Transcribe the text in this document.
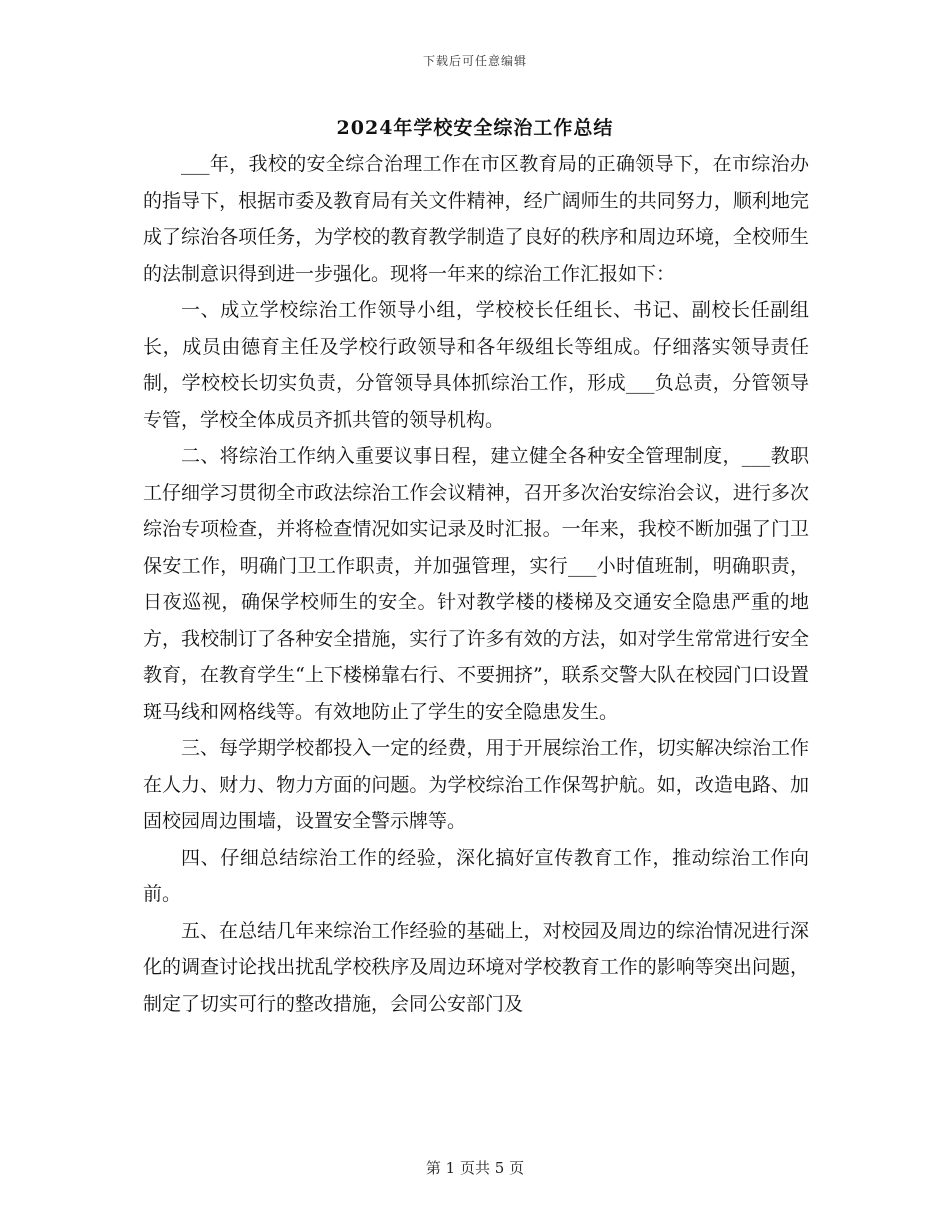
下载后可任意编辑
2024年学校安全综治工作总结

___年，我校的安全综合治理工作在市区教育局的正确领导下，在市综治办的指导下，根据市委及教育局有关文件精神，经广阔师生的共同努力，顺利地完成了综治各项任务，为学校的教育教学制造了良好的秩序和周边环境，全校师生的法制意识得到进一步强化。现将一年来的综治工作汇报如下：

一、成立学校综治工作领导小组，学校校长任组长、书记、副校长任副组长，成员由德育主任及学校行政领导和各年级组长等组成。仔细落实领导责任制，学校校长切实负责，分管领导具体抓综治工作，形成___负总责，分管领导专管，学校全体成员齐抓共管的领导机构。

二、将综治工作纳入重要议事日程，建立健全各种安全管理制度，___教职工仔细学习贯彻全市政法综治工作会议精神，召开多次治安综治会议，进行多次综治专项检查，并将检查情况如实记录及时汇报。一年来，我校不断加强了门卫保安工作，明确门卫工作职责，并加强管理，实行___小时值班制，明确职责，日夜巡视，确保学校师生的安全。针对教学楼的楼梯及交通安全隐患严重的地方，我校制订了各种安全措施，实行了许多有效的方法，如对学生常常进行安全教育，在教育学生“上下楼梯靠右行、不要拥挤”，联系交警大队在校园门口设置斑马线和网格线等。有效地防止了学生的安全隐患发生。

三、每学期学校都投入一定的经费，用于开展综治工作，切实解决综治工作在人力、财力、物力方面的问题。为学校综治工作保驾护航。如，改造电路、加固校园周边围墙，设置安全警示牌等。

四、仔细总结综治工作的经验，深化搞好宣传教育工作，推动综治工作向前。

五、在总结几年来综治工作经验的基础上，对校园及周边的综治情况进行深化的调查讨论找出扰乱学校秩序及周边环境对学校教育工作的影响等突出问题，制定了切实可行的整改措施，会同公安部门及

第 1 页共 5 页
